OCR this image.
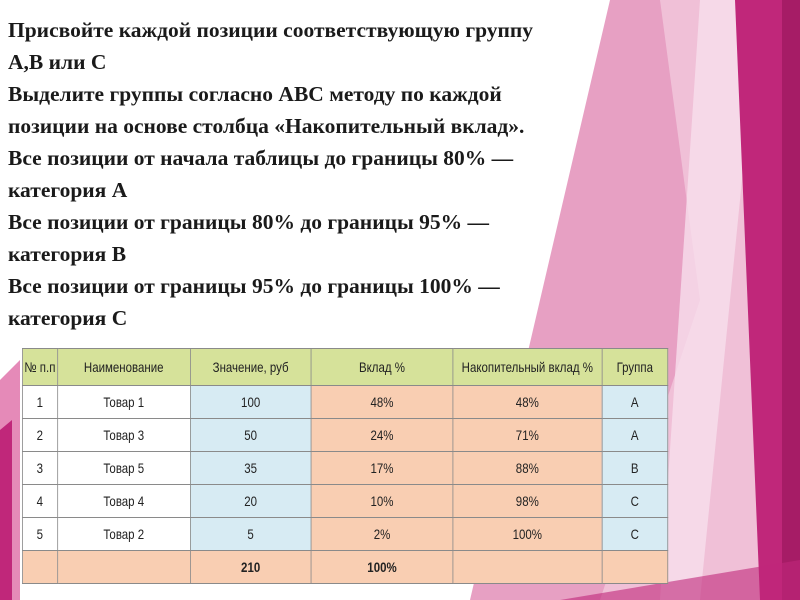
Присвойте каждой позиции соответствующую группу

A,B или C

Выделите группы согласно ABC методу по каждой

позиции на основе столбца «Накопительный вклад».

Все позиции от начала таблицы до границы 80% —

категория A

Все позиции от границы 80% до границы 95% —

категория B

Все позиции от границы 95% до границы 100% —

категория C

№ п.п	Наименование	Значение, руб	Вклад %	Накопительный вклад %	Группа
1	Товар 1	100	48%	48%	A
2	Товар 3	50	24%	71%	A
3	Товар 5	35	17%	88%	B
4	Товар 4	20	10%	98%	C
5	Товар 2	5	2%	100%	C
		210	100%		
